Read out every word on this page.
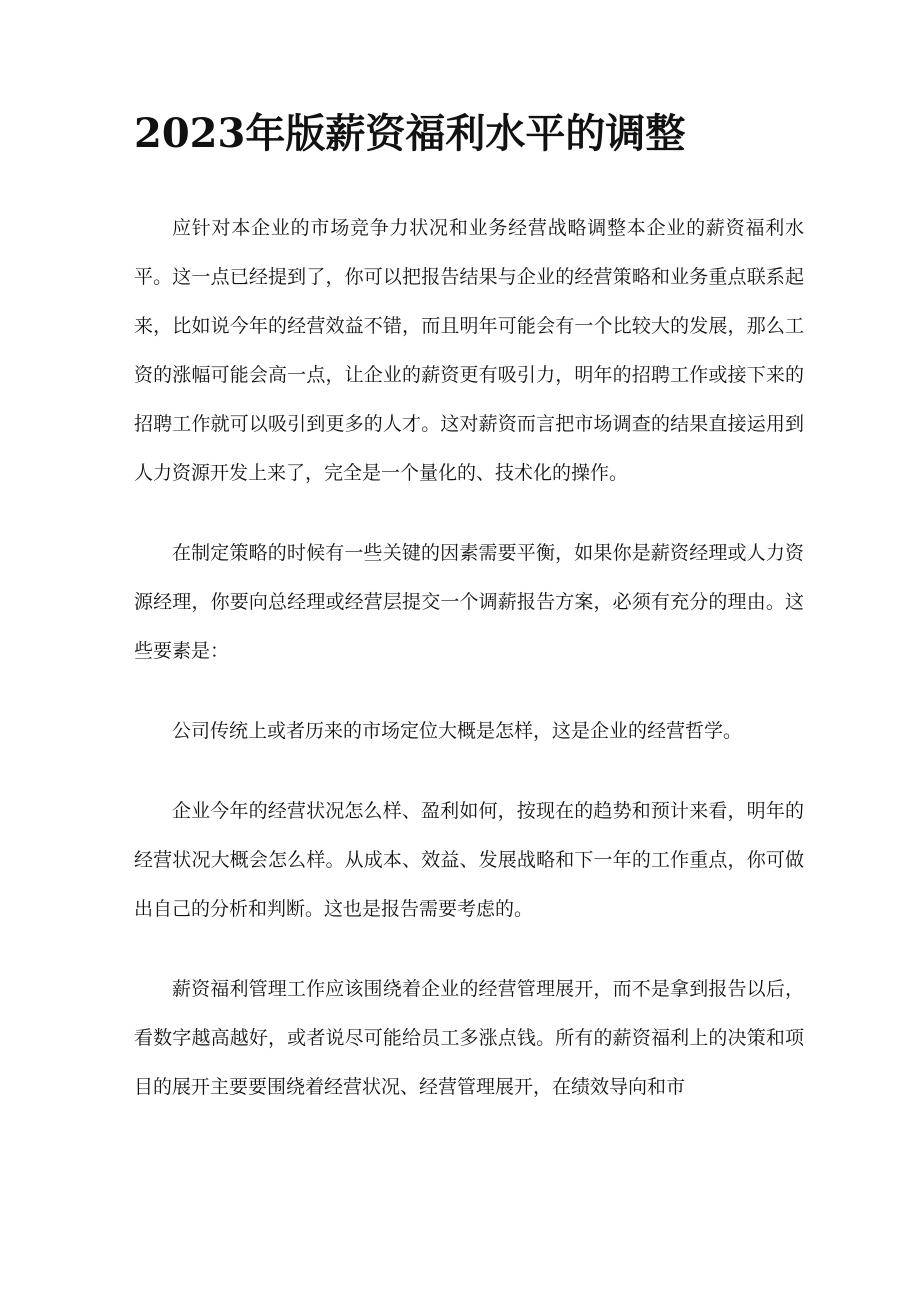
2023年版薪资福利水平的调整

应针对本企业的市场竞争力状况和业务经营战略调整本企业的薪资福利水平。这一点已经提到了，你可以把报告结果与企业的经营策略和业务重点联系起来，比如说今年的经营效益不错，而且明年可能会有一个比较大的发展，那么工资的涨幅可能会高一点，让企业的薪资更有吸引力，明年的招聘工作或接下来的招聘工作就可以吸引到更多的人才。这对薪资而言把市场调查的结果直接运用到人力资源开发上来了，完全是一个量化的、技术化的操作。

在制定策略的时候有一些关键的因素需要平衡，如果你是薪资经理或人力资源经理，你要向总经理或经营层提交一个调薪报告方案，必须有充分的理由。这些要素是：

公司传统上或者历来的市场定位大概是怎样，这是企业的经营哲学。

企业今年的经营状况怎么样、盈利如何，按现在的趋势和预计来看，明年的经营状况大概会怎么样。从成本、效益、发展战略和下一年的工作重点，你可做出自己的分析和判断。这也是报告需要考虑的。

薪资福利管理工作应该围绕着企业的经营管理展开，而不是拿到报告以后，看数字越高越好，或者说尽可能给员工多涨点钱。所有的薪资福利上的决策和项目的展开主要要围绕着经营状况、经营管理展开，在绩效导向和市
